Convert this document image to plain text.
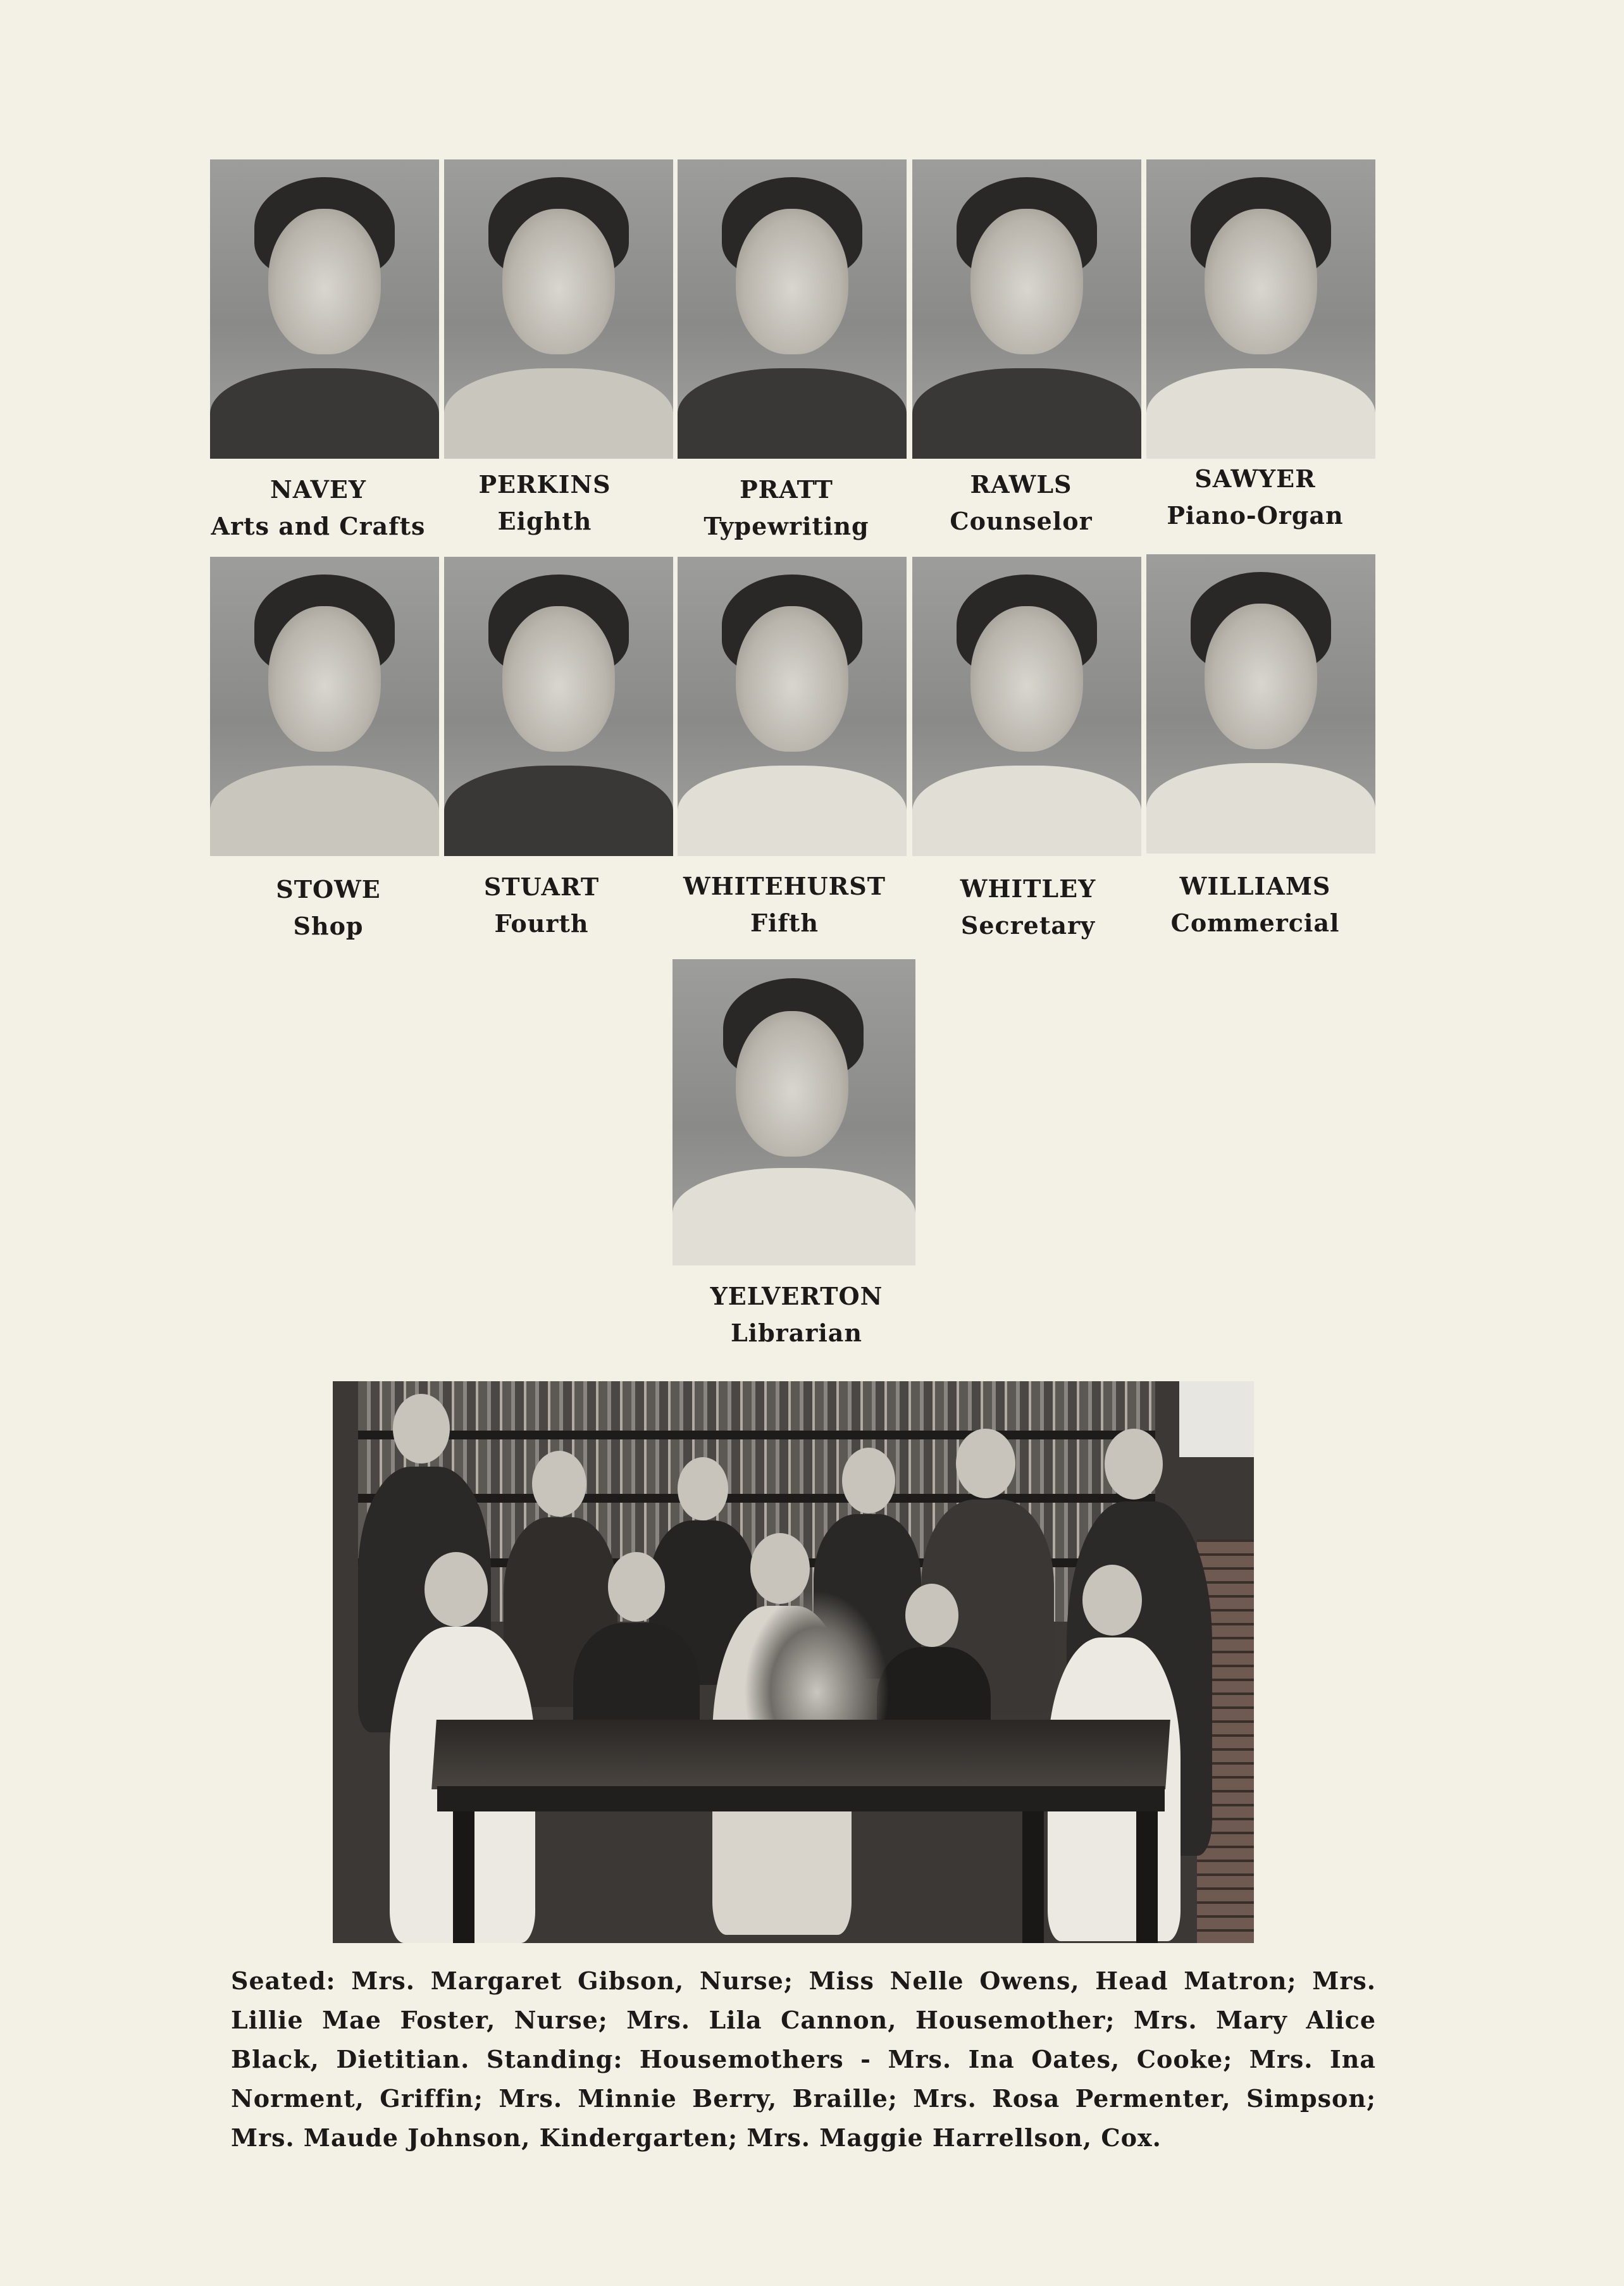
NAVEY
Arts and Crafts
PERKINS
Eighth
PRATT
Typewriting
RAWLS
Counselor
SAWYER
Piano-Organ
STOWE
Shop
STUART
Fourth
WHITEHURST
Fifth
WHITLEY
Secretary
WILLIAMS
Commercial
YELVERTON
Librarian
Seated: Mrs. Margaret Gibson, Nurse; Miss Nelle Owens, Head Matron; Mrs. Lillie Mae Foster, Nurse; Mrs. Lila Cannon, Housemother; Mrs. Mary Alice Black, Dietitian. Standing: Housemothers - Mrs. Ina Oates, Cooke; Mrs. Ina Norment, Griffin; Mrs. Minnie Berry, Braille; Mrs. Rosa Permenter, Simpson; Mrs. Maude Johnson, Kindergarten; Mrs. Maggie Harrellson, Cox.
